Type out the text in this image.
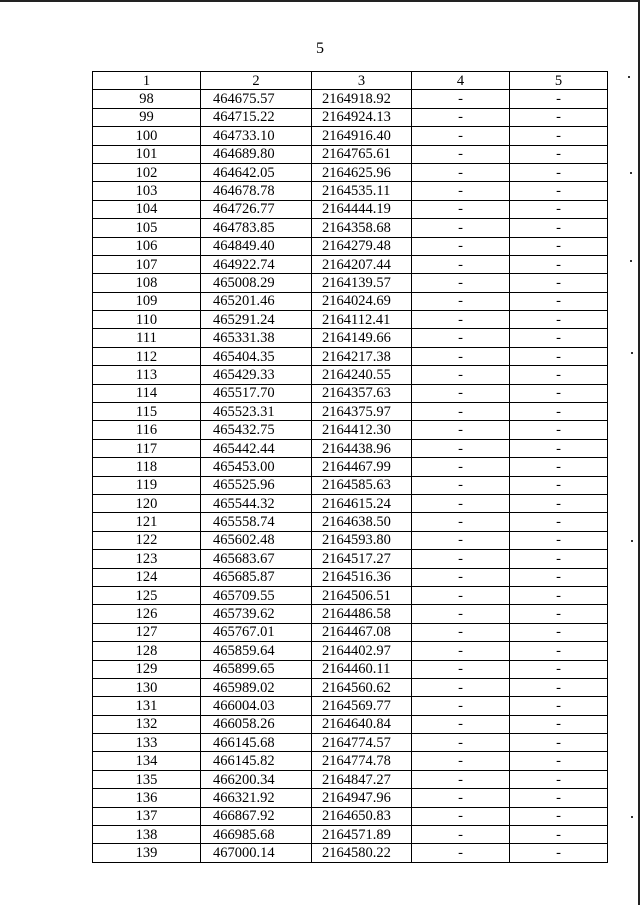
5
1	2	3	4	5
98	464675.57	2164918.92	-	-
99	464715.22	2164924.13	-	-
100	464733.10	2164916.40	-	-
101	464689.80	2164765.61	-	-
102	464642.05	2164625.96	-	-
103	464678.78	2164535.11	-	-
104	464726.77	2164444.19	-	-
105	464783.85	2164358.68	-	-
106	464849.40	2164279.48	-	-
107	464922.74	2164207.44	-	-
108	465008.29	2164139.57	-	-
109	465201.46	2164024.69	-	-
110	465291.24	2164112.41	-	-
111	465331.38	2164149.66	-	-
112	465404.35	2164217.38	-	-
113	465429.33	2164240.55	-	-
114	465517.70	2164357.63	-	-
115	465523.31	2164375.97	-	-
116	465432.75	2164412.30	-	-
117	465442.44	2164438.96	-	-
118	465453.00	2164467.99	-	-
119	465525.96	2164585.63	-	-
120	465544.32	2164615.24	-	-
121	465558.74	2164638.50	-	-
122	465602.48	2164593.80	-	-
123	465683.67	2164517.27	-	-
124	465685.87	2164516.36	-	-
125	465709.55	2164506.51	-	-
126	465739.62	2164486.58	-	-
127	465767.01	2164467.08	-	-
128	465859.64	2164402.97	-	-
129	465899.65	2164460.11	-	-
130	465989.02	2164560.62	-	-
131	466004.03	2164569.77	-	-
132	466058.26	2164640.84	-	-
133	466145.68	2164774.57	-	-
134	466145.82	2164774.78	-	-
135	466200.34	2164847.27	-	-
136	466321.92	2164947.96	-	-
137	466867.92	2164650.83	-	-
138	466985.68	2164571.89	-	-
139	467000.14	2164580.22	-	-
